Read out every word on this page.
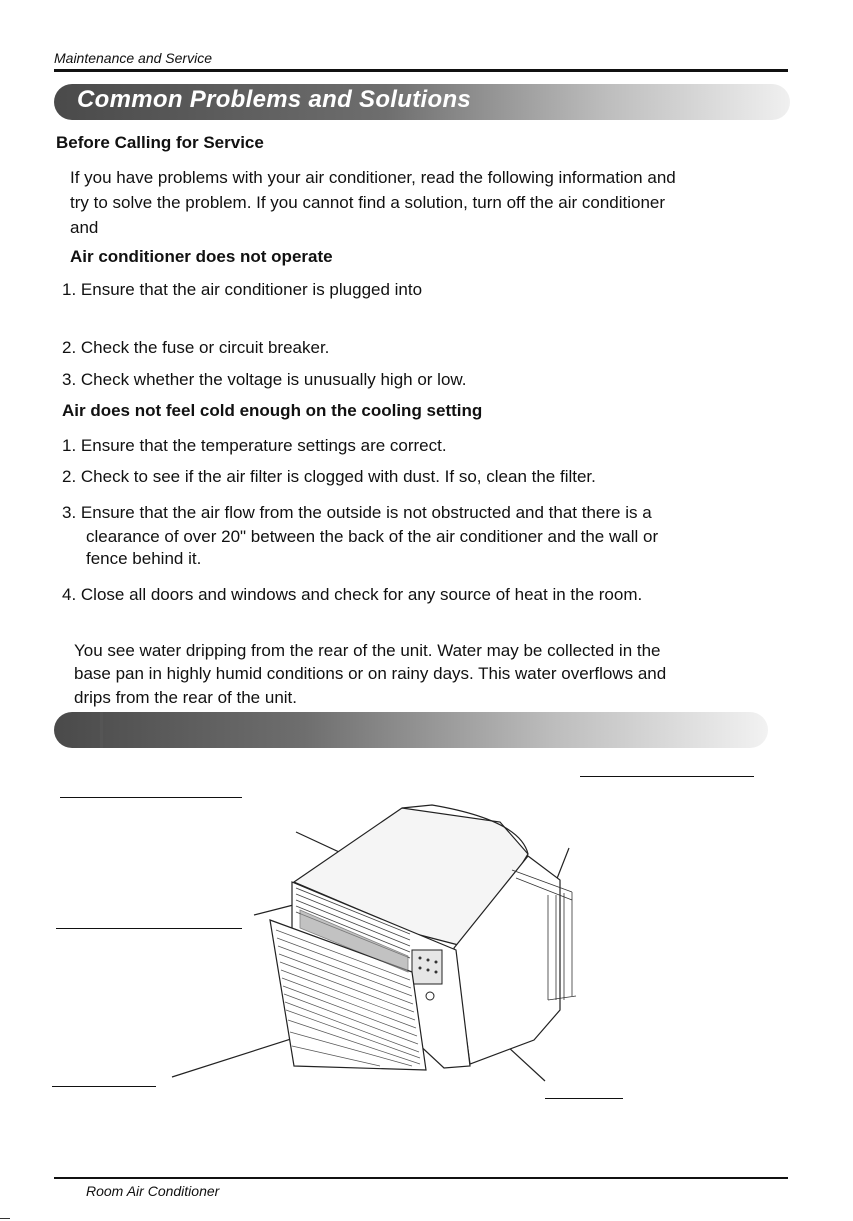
Maintenance and Service
Common Problems and Solutions
Before Calling for Service
If you have problems with your air conditioner, read the following information and
try to solve the problem. If you cannot find a solution, turn off the air conditioner
and
Air conditioner does not operate
1. Ensure that the air conditioner is plugged into
2. Check the fuse or circuit breaker.
3. Check whether the voltage is unusually high or low.
Air does not feel cold enough on the cooling setting
1. Ensure that the temperature settings are correct.
2. Check to see if the air filter is clogged with dust. If so, clean the filter.
3. Ensure that the air flow from the outside is not obstructed and that there is a
clearance of over 20" between the back of the air conditioner and the wall or
fence behind it.
4. Close all doors and windows and check for any source of heat in the room.
You see water dripping from the rear of the unit. Water may be collected in the
base pan in highly humid conditions or on rainy days. This water overflows and
drips from the rear of the unit.
Room Air Conditioner
